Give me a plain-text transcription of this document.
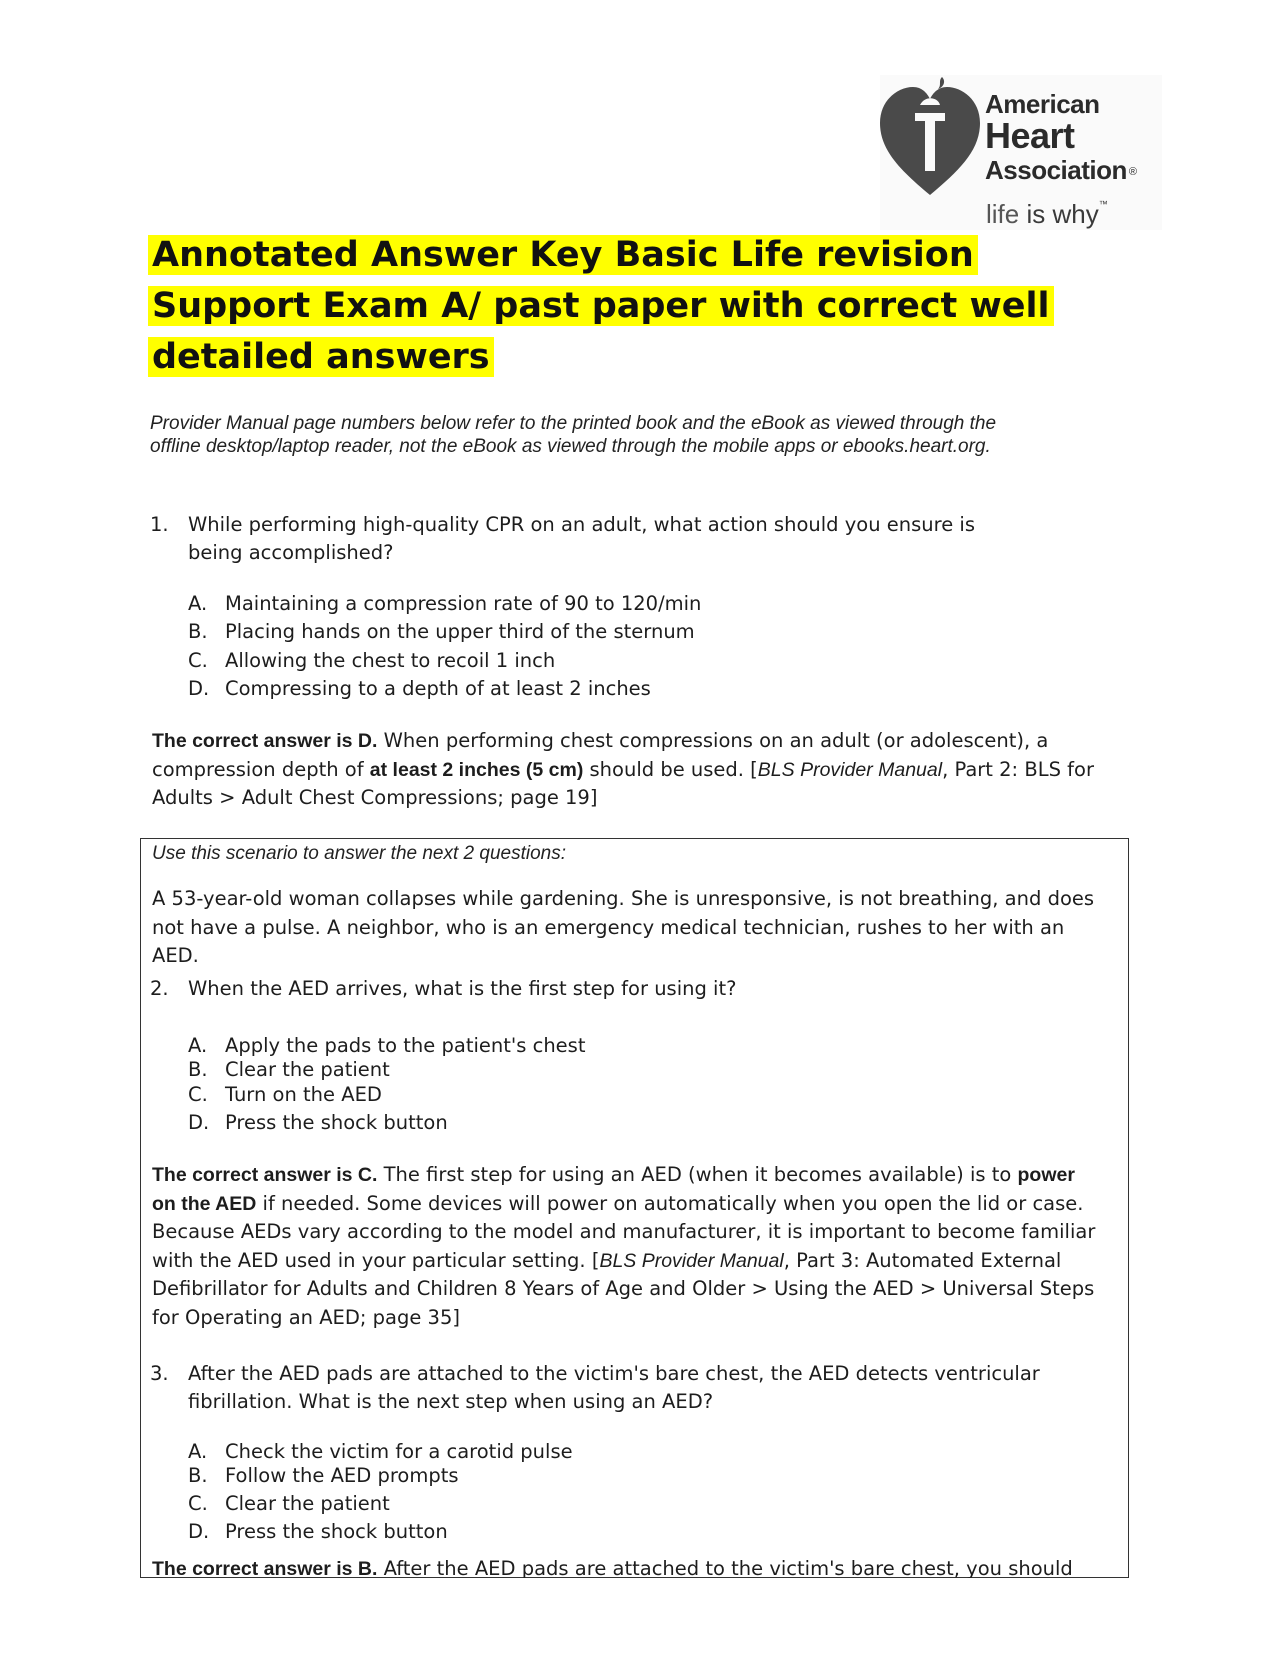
American
Heart
Association ®
life is why™
Annotated Answer Key Basic Life revision Support Exam A/ past paper with correct well detailed answers
Provider Manual page numbers below refer to the printed book and the eBook as viewed through the offline desktop/laptop reader, not the eBook as viewed through the mobile apps or ebooks.heart.org.
1. While performing high-quality CPR on an adult, what action should you ensure is
being accomplished?
A. Maintaining a compression rate of 90 to 120/min
B. Placing hands on the upper third of the sternum
C. Allowing the chest to recoil 1 inch
D. Compressing to a depth of at least 2 inches
The correct answer is D. When performing chest compressions on an adult (or adolescent), a compression depth of at least 2 inches (5 cm) should be used. [BLS Provider Manual, Part 2: BLS for Adults > Adult Chest Compressions; page 19]
Use this scenario to answer the next 2 questions:
A 53-year-old woman collapses while gardening. She is unresponsive, is not breathing, and does not have a pulse. A neighbor, who is an emergency medical technician, rushes to her with an AED.
2. When the AED arrives, what is the first step for using it?
A. Apply the pads to the patient's chest
B. Clear the patient
C. Turn on the AED
D. Press the shock button
The correct answer is C. The first step for using an AED (when it becomes available) is to power on the AED if needed. Some devices will power on automatically when you open the lid or case. Because AEDs vary according to the model and manufacturer, it is important to become familiar with the AED used in your particular setting. [BLS Provider Manual, Part 3: Automated External Defibrillator for Adults and Children 8 Years of Age and Older > Using the AED > Universal Steps for Operating an AED; page 35]
3. After the AED pads are attached to the victim's bare chest, the AED detects ventricular
fibrillation. What is the next step when using an AED?
A. Check the victim for a carotid pulse
B. Follow the AED prompts
C. Clear the patient
D. Press the shock button
The correct answer is B. After the AED pads are attached to the victim's bare chest, you should
